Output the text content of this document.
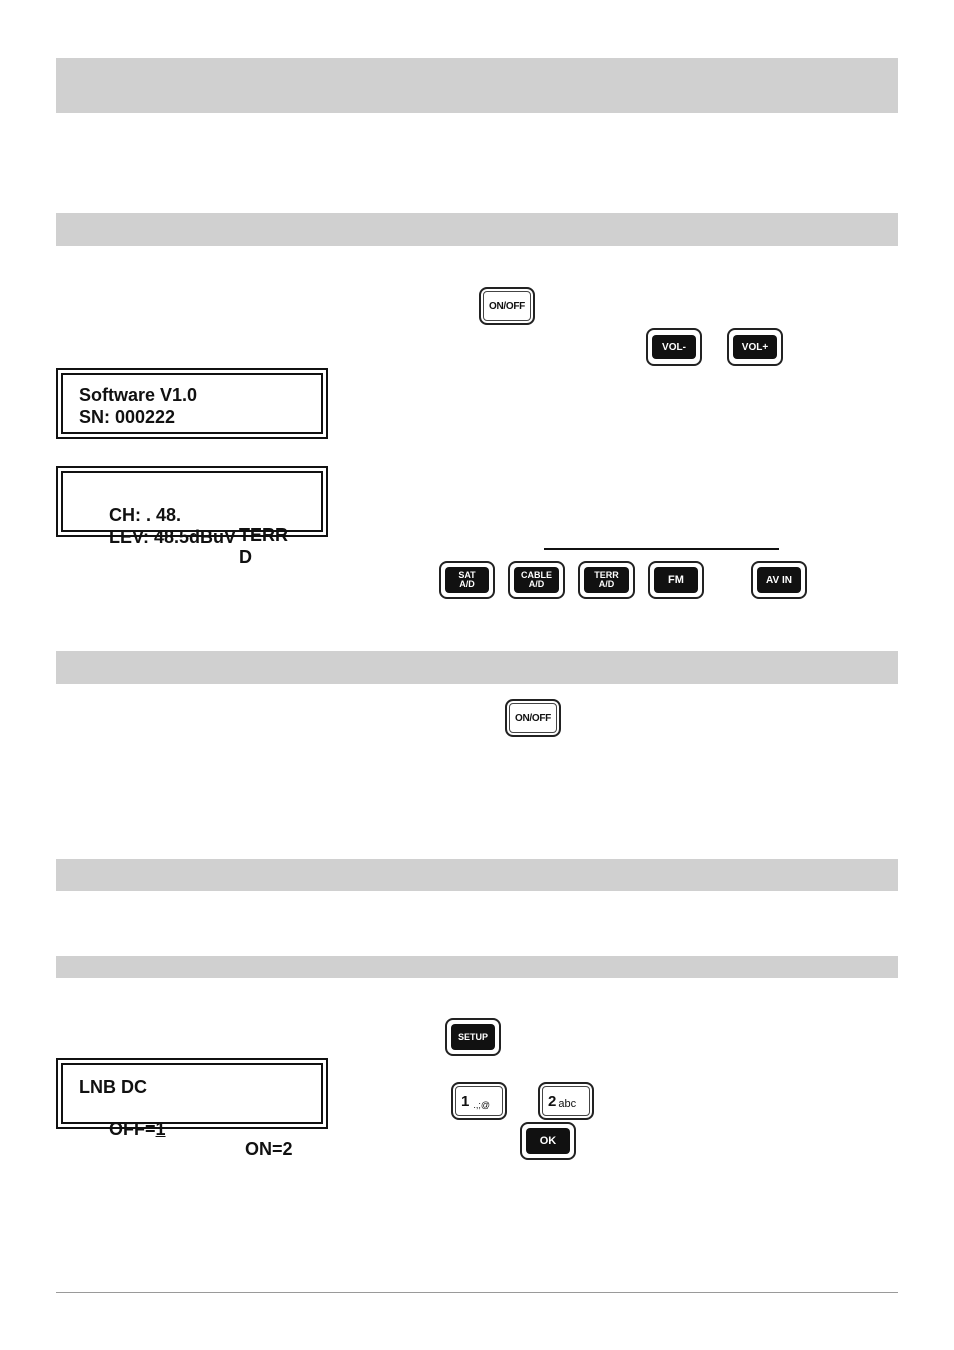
Software V1.0
SN: 000222

CH: . 48.

TERR

LEV: 48.5dBuV

D

LNB DC

OFF=1

ON=2

ON/OFF
VOL-	VOL+
SAT
A/D
CABLE
A/D
TERR
A/D	FM	AV IN
ON/OFF
SETUP
1 .,;@	2 abc
OK
